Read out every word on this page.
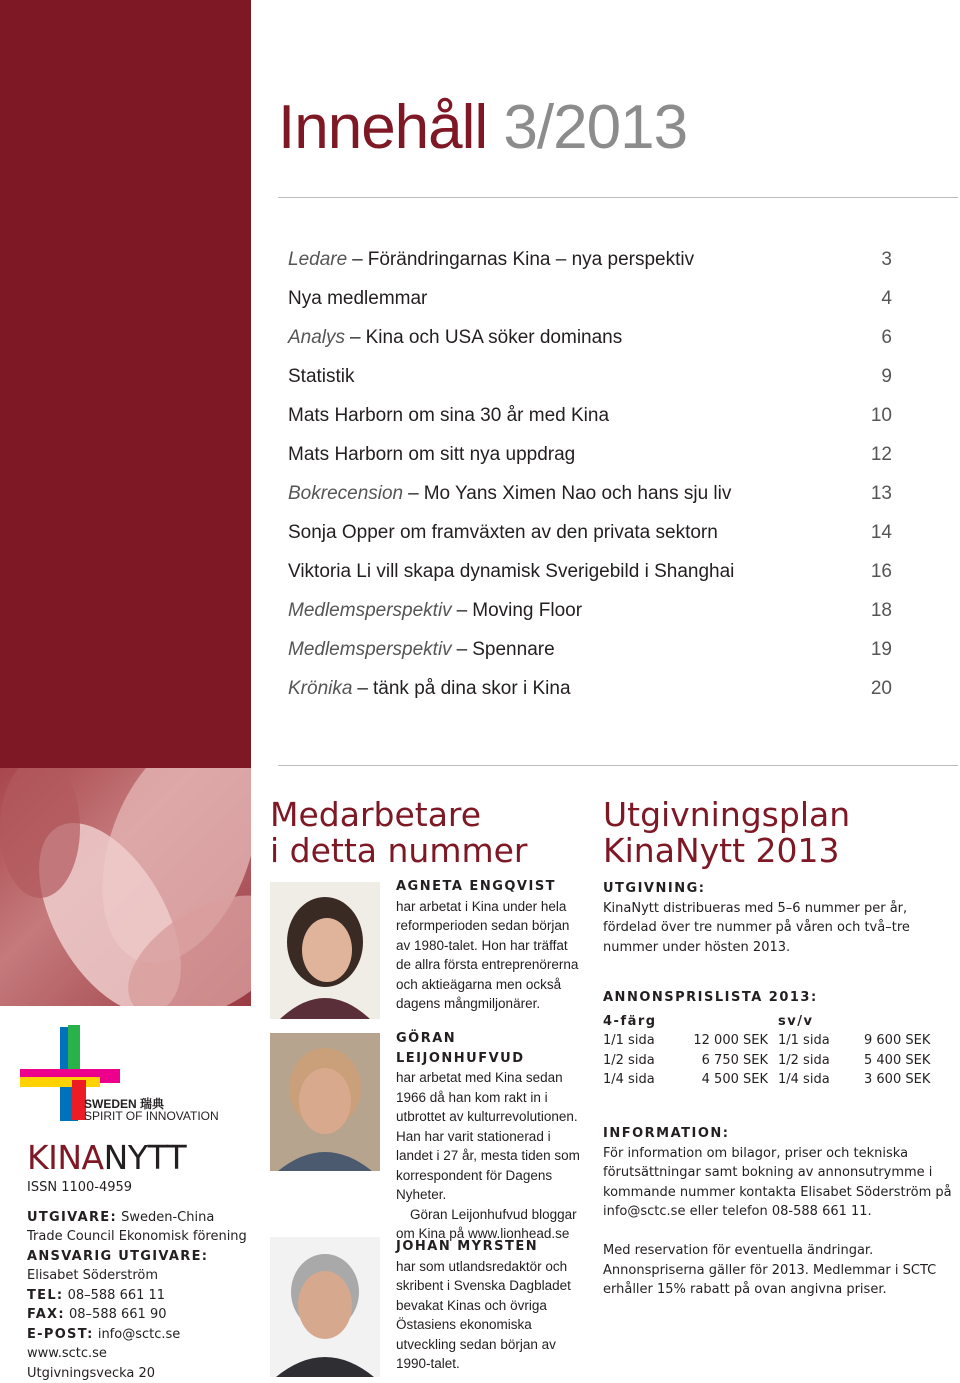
Innehåll 3/2013
Ledare – Förändringarnas Kina – nya perspektiv	3
Nya medlemmar	4
Analys – Kina och USA söker dominans	6
Statistik	9
Mats Harborn om sina 30 år med Kina	10
Mats Harborn om sitt nya uppdrag	12
Bokrecension – Mo Yans Ximen Nao och hans sju liv	13
Sonja Opper om framväxten av den privata sektorn	14
Viktoria Li vill skapa dynamisk Sverigebild i Shanghai	16
Medlemsperspektiv – Moving Floor	18
Medlemsperspektiv – Spennare	19
Krönika – tänk på dina skor i Kina	20
Medarbetare
i detta nummer
AGNETA ENGQVIST
har arbetat i Kina under hela reformperioden sedan början av 1980-talet. Hon har träffat de allra första entreprenörerna och aktieägarna men också dagens mångmiljonärer.
GÖRAN LEIJONHUFVUD
har arbetat med Kina sedan 1966 då han kom rakt in i utbrottet av kulturrevolutionen. Han har varit stationerad i landet i 27 år, mesta tiden som korrespondent för Dagens Nyheter.
Göran Leijonhufvud bloggar om Kina på www.lionhead.se
JOHAN MYRSTEN
har som utlandsredaktör och skribent i Svenska Dagbladet bevakat Kinas och övriga Östasiens ekonomiska utveckling sedan början av 1990-talet.
Utgivningsplan
KinaNytt 2013
UTGIVNING:
KinaNytt distribueras med 5–6 nummer per år, fördelad över tre nummer på våren och två–tre nummer under hösten 2013.
ANNONSPRISLISTA 2013:
4-färg	sv/v
1/1 sida	12 000 SEK 1/1 sida	9 600 SEK
1/2 sida	6 750 SEK 1/2 sida	5 400 SEK
1/4 sida	4 500 SEK 1/4 sida	3 600 SEK
INFORMATION:
För information om bilagor, priser och tekniska förutsättningar samt bokning av annonsutrymme i kommande nummer kontakta Elisabet Söderström på info@sctc.se eller telefon 08-588 661 11.
Med reservation för eventuella ändringar. Annonspriserna gäller för 2013. Medlemmar i SCTC erhåller 15% rabatt på ovan angivna priser.
SWEDEN 瑞典
SPIRIT OF INNOVATION
KINANYTT
ISSN 1100-4959
UTGIVARE: Sweden-China Trade Council Ekonomisk förening
ANSVARIG UTGIVARE:
Elisabet Söderström
TEL: 08–588 661 11
FAX: 08–588 661 90
E-POST: info@sctc.se
www.sctc.se
Utgivningsvecka 20
